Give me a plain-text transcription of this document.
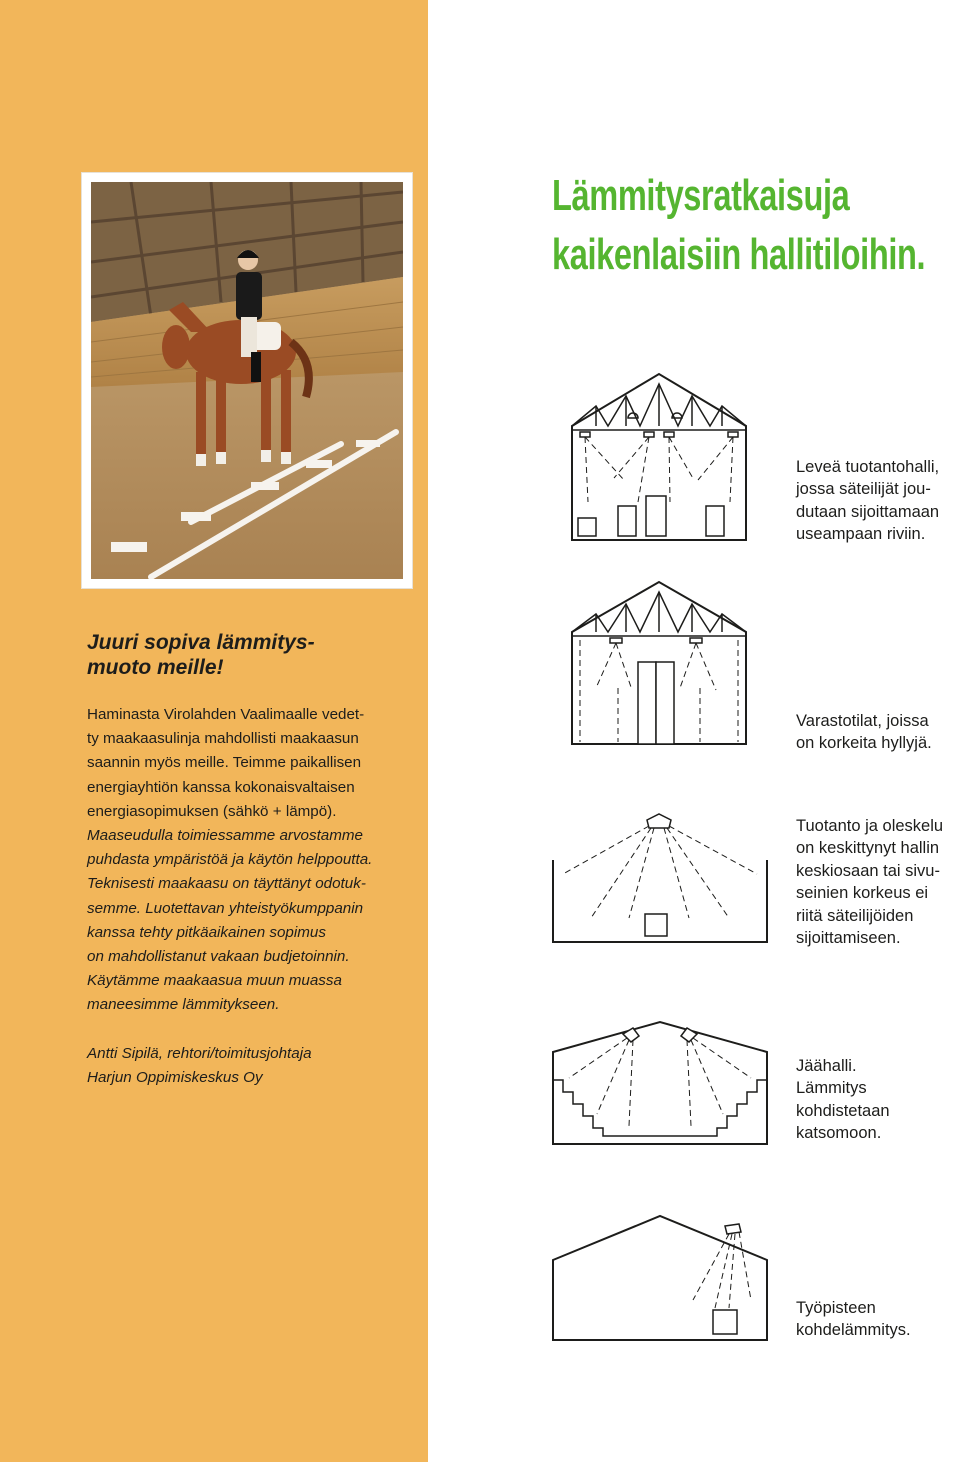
Juuri sopiva lämmitys-
muoto meille!

Haminasta Virolahden Vaalimaalle vedet-
ty maakaasulinja mahdollisti maakaasun
saannin myös meille. Teimme paikallisen
energiayhtiön kanssa kokonaisvaltaisen
energiasopimuksen (sähkö + lämpö).
Maaseudulla toimiessamme arvostamme
puhdasta ympäristöä ja käytön helppoutta.
Teknisesti maakaasu on täyttänyt odotuk-
semme. Luotettavan yhteistyökumppanin
kanssa tehty pitkäaikainen sopimus
on mahdollistanut vakaan budjetoinnin.
Käytämme maakaasua muun muassa
maneesimme lämmitykseen.

Antti Sipilä, rehtori/toimitusjohtaja
Harjun Oppimiskeskus Oy

Lämmitysratkaisuja
kaikenlaisiin hallitiloihin.

Leveä tuotantohalli,
jossa säteilijät jou-
dutaan sijoittamaan
useampaan riviin.

Varastotilat, joissa
on korkeita hyllyjä.

Tuotanto ja oleskelu
on keskittynyt hallin
keskiosaan tai sivu-
seinien korkeus ei
riitä säteilijöiden
sijoittamiseen.

Jäähalli.
Lämmitys
kohdistetaan
katsomoon.

Työpisteen
kohdelämmitys.
